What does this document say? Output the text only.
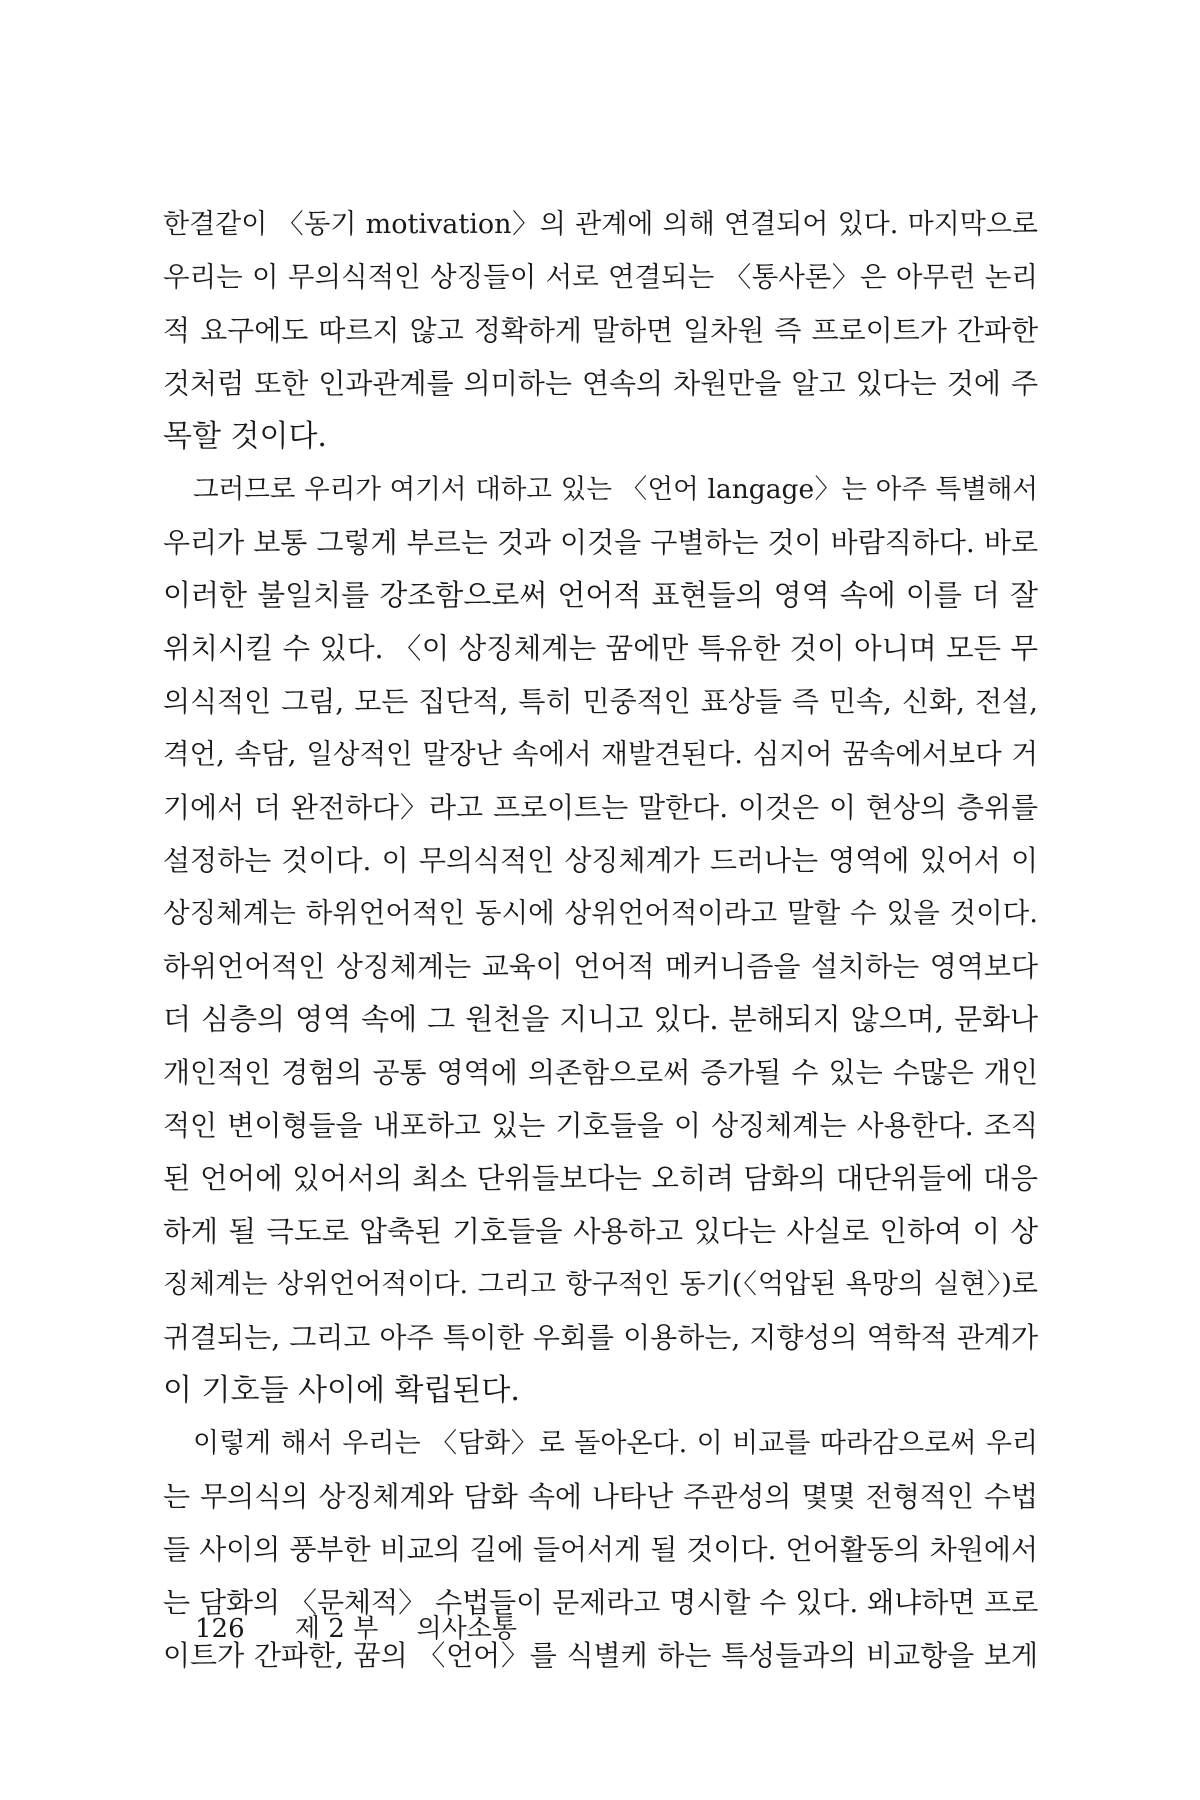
한결같이 〈동기 motivation〉의 관계에 의해 연결되어 있다. 마지막으로
우리는 이 무의식적인 상징들이 서로 연결되는 〈통사론〉은 아무런 논리
적 요구에도 따르지 않고 정확하게 말하면 일차원 즉 프로이트가 간파한
것처럼 또한 인과관계를 의미하는 연속의 차원만을 알고 있다는 것에 주
목할 것이다.
그러므로 우리가 여기서 대하고 있는 〈언어 langage〉는 아주 특별해서
우리가 보통 그렇게 부르는 것과 이것을 구별하는 것이 바람직하다. 바로
이러한 불일치를 강조함으로써 언어적 표현들의 영역 속에 이를 더 잘
위치시킬 수 있다. 〈이 상징체계는 꿈에만 특유한 것이 아니며 모든 무
의식적인 그림, 모든 집단적, 특히 민중적인 표상들 즉 민속, 신화, 전설,
격언, 속담, 일상적인 말장난 속에서 재발견된다. 심지어 꿈속에서보다 거
기에서 더 완전하다〉라고 프로이트는 말한다. 이것은 이 현상의 층위를
설정하는 것이다. 이 무의식적인 상징체계가 드러나는 영역에 있어서 이
상징체계는 하위언어적인 동시에 상위언어적이라고 말할 수 있을 것이다.
하위언어적인 상징체계는 교육이 언어적 메커니즘을 설치하는 영역보다
더 심층의 영역 속에 그 원천을 지니고 있다. 분해되지 않으며, 문화나
개인적인 경험의 공통 영역에 의존함으로써 증가될 수 있는 수많은 개인
적인 변이형들을 내포하고 있는 기호들을 이 상징체계는 사용한다. 조직
된 언어에 있어서의 최소 단위들보다는 오히려 담화의 대단위들에 대응
하게 될 극도로 압축된 기호들을 사용하고 있다는 사실로 인하여 이 상
징체계는 상위언어적이다. 그리고 항구적인 동기(〈억압된 욕망의 실현〉)로
귀결되는, 그리고 아주 특이한 우회를 이용하는, 지향성의 역학적 관계가
이 기호들 사이에 확립된다.
이렇게 해서 우리는 〈담화〉로 돌아온다. 이 비교를 따라감으로써 우리
는 무의식의 상징체계와 담화 속에 나타난 주관성의 몇몇 전형적인 수법
들 사이의 풍부한 비교의 길에 들어서게 될 것이다. 언어활동의 차원에서
는 담화의 〈문체적〉 수법들이 문제라고 명시할 수 있다. 왜냐하면 프로
이트가 간파한, 꿈의 〈언어〉를 식별케 하는 특성들과의 비교항을 보게
126 제 2 부 의사소통
